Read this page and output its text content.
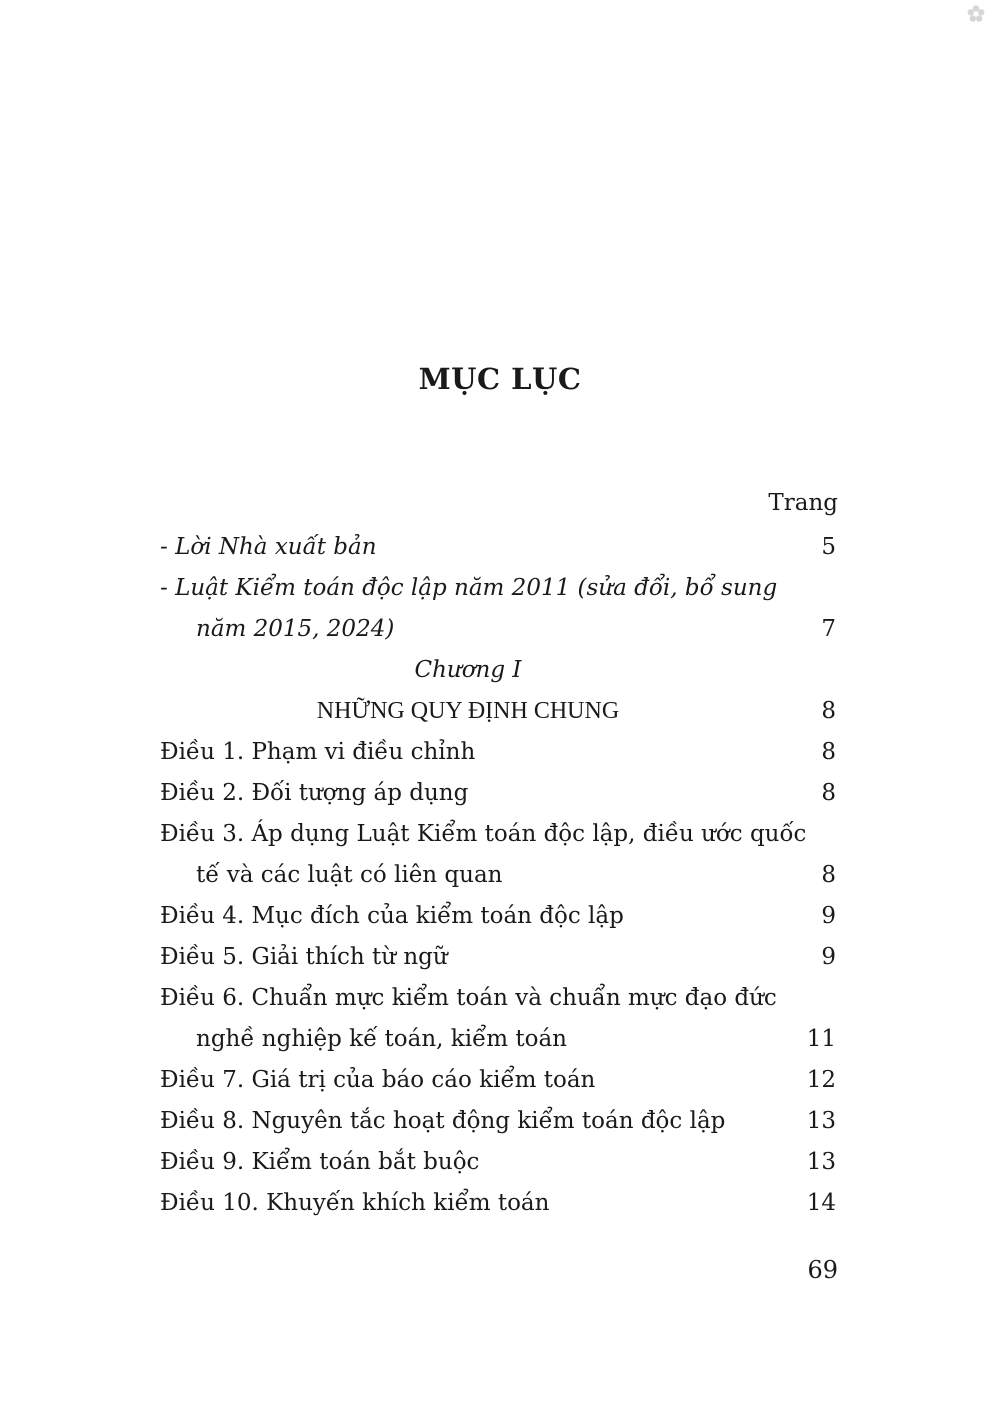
MỤC LỤC
Trang
- Lời Nhà xuất bản	5
- Luật Kiểm toán độc lập năm 2011 (sửa đổi, bổ sung
năm 2015, 2024)	7
Chương I
NHỮNG QUY ĐỊNH CHUNG	8
Điều 1. Phạm vi điều chỉnh	8
Điều 2. Đối tượng áp dụng	8
Điều 3. Áp dụng Luật Kiểm toán độc lập, điều ước quốc
tế và các luật có liên quan	8
Điều 4. Mục đích của kiểm toán độc lập	9
Điều 5. Giải thích từ ngữ	9
Điều 6. Chuẩn mực kiểm toán và chuẩn mực đạo đức
nghề nghiệp kế toán, kiểm toán	11
Điều 7. Giá trị của báo cáo kiểm toán	12
Điều 8. Nguyên tắc hoạt động kiểm toán độc lập	13
Điều 9. Kiểm toán bắt buộc	13
Điều 10. Khuyến khích kiểm toán	14
69
